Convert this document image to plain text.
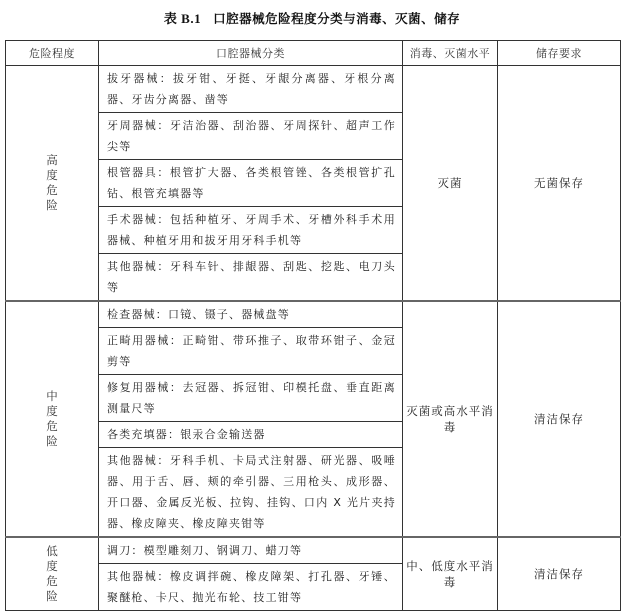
表 B.1 口腔器械危险程度分类与消毒、灭菌、储存
危险程度	口腔器械分类	消毒、灭菌水平	储存要求
高度危险	拔牙器械：拔牙钳、牙挺、牙龈分离器、牙根分离器、牙齿分离器、凿等	灭菌	无菌保存
	牙周器械：牙洁治器、刮治器、牙周探针、超声工作尖等		
	根管器具：根管扩大器、各类根管锉、各类根管扩孔钻、根管充填器等		
	手术器械：包括种植牙、牙周手术、牙槽外科手术用器械、种植牙用和拔牙用牙科手机等		
	其他器械：牙科车针、排龈器、刮匙、挖匙、电刀头等		
中度危险	检查器械：口镜、镊子、器械盘等	灭菌或高水平消毒	清洁保存
	正畸用器械：正畸钳、带环推子、取带环钳子、金冠剪等		
	修复用器械：去冠器、拆冠钳、印模托盘、垂直距离测量尺等		
	各类充填器：银汞合金输送器		
	其他器械：牙科手机、卡局式注射器、研光器、吸唾器、用于舌、唇、颊的牵引器、三用枪头、成形器、开口器、金属反光板、拉钩、挂钩、口内 X 光片夹持器、橡皮障夹、橡皮障夹钳等		
低度危险	调刀：模型雕刻刀、钢调刀、蜡刀等	中、低度水平消毒	清洁保存
	其他器械：橡皮调拌碗、橡皮障架、打孔器、牙锤、聚醚枪、卡尺、抛光布轮、技工钳等		
